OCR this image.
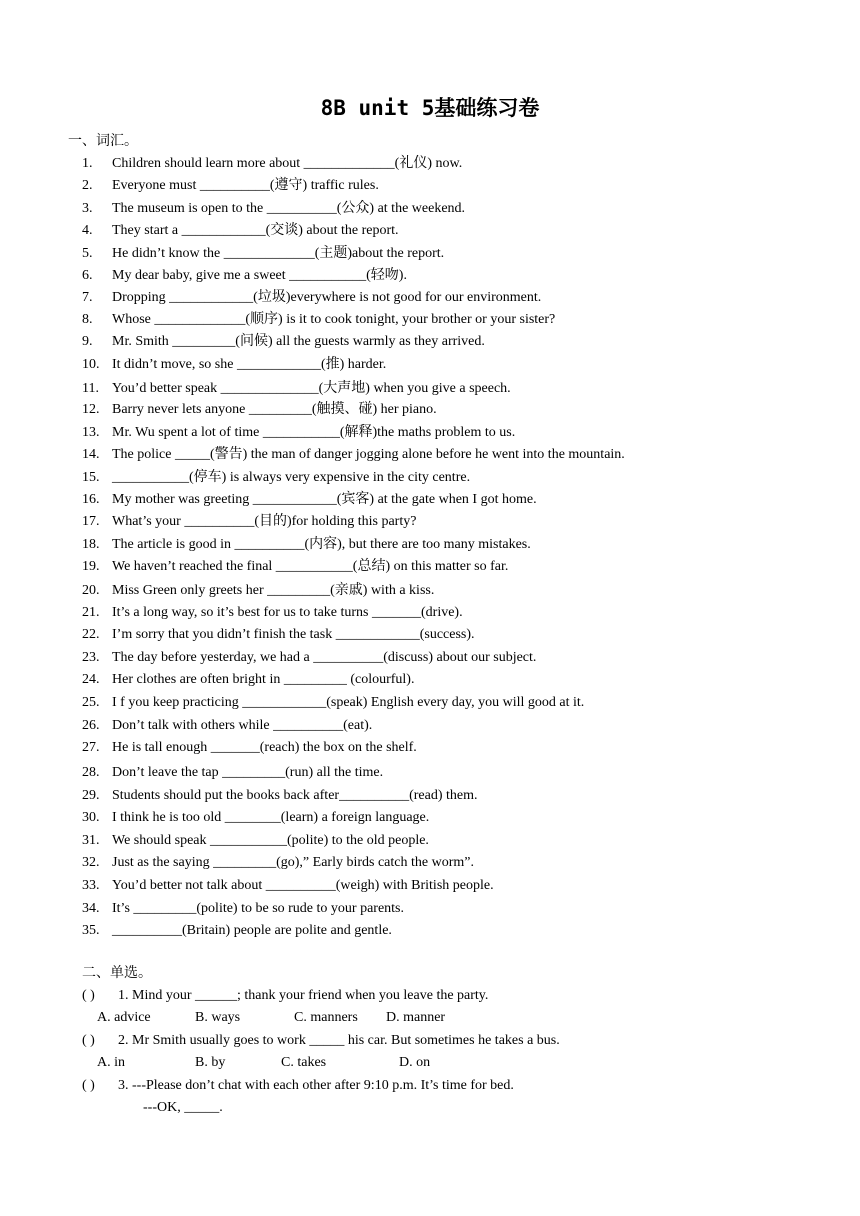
8B unit 5基础练习卷
一、词汇。
1. Children should learn more about _____________(礼仪) now.
2. Everyone must __________(遵守) traffic rules.
3. The museum is open to the __________(公众) at the weekend.
4. They start a ____________(交谈) about the report.
5. He didn’t know the _____________(主题)about the report.
6. My dear baby, give me a sweet ___________(轻吻).
7. Dropping ____________(垃圾)everywhere is not good for our environment.
8. Whose _____________(顺序) is it to cook tonight, your brother or your sister?
9. Mr. Smith _________(问候) all the guests warmly as they arrived.
10. It didn’t move, so she ____________(推) harder.
11. You’d better speak ______________(大声地) when you give a speech.
12. Barry never lets anyone _________(触摸、碰) her piano.
13. Mr. Wu spent a lot of time ___________(解释)the maths problem to us.
14. The police _____(警告) the man of danger jogging alone before he went into the mountain.
15. ___________(停车) is always very expensive in the city centre.
16. My mother was greeting ____________(宾客) at the gate when I got home.
17. What’s your __________(目的)for holding this party?
18. The article is good in __________(内容), but there are too many mistakes.
19. We haven’t reached the final ___________(总结) on this matter so far.
20. Miss Green only greets her _________(亲戚) with a kiss.
21. It’s a long way, so it’s best for us to take turns _______(drive).
22. I’m sorry that you didn’t finish the task ____________(success).
23. The day before yesterday, we had a __________(discuss) about our subject.
24. Her clothes are often bright in _________ (colourful).
25. I f you keep practicing ____________(speak) English every day, you will good at it.
26. Don’t talk with others while __________(eat).
27. He is tall enough _______(reach) the box on the shelf.
28. Don’t leave the tap _________(run) all the time.
29. Students should put the books back after__________(read) them.
30. I think he is too old ________(learn) a foreign language.
31. We should speak ___________(polite) to the old people.
32. Just as the saying _________(go),” Early birds catch the worm”.
33. You’d better not talk about __________(weigh) with British people.
34. It’s _________(polite) to be so rude to your parents.
35. __________(Britain) people are polite and gentle.
二、单选。
( ) 1. Mind your ______; thank your friend when you leave the party.
A. advice	B. ways	C. manners D. manner
( ) 2. Mr Smith usually goes to work _____ his car. But sometimes he takes a bus.
A. in	B. by	C. takes	D. on
( ) 3. ---Please don’t chat with each other after 9:10 p.m. It’s time for bed.
---OK, _____.
